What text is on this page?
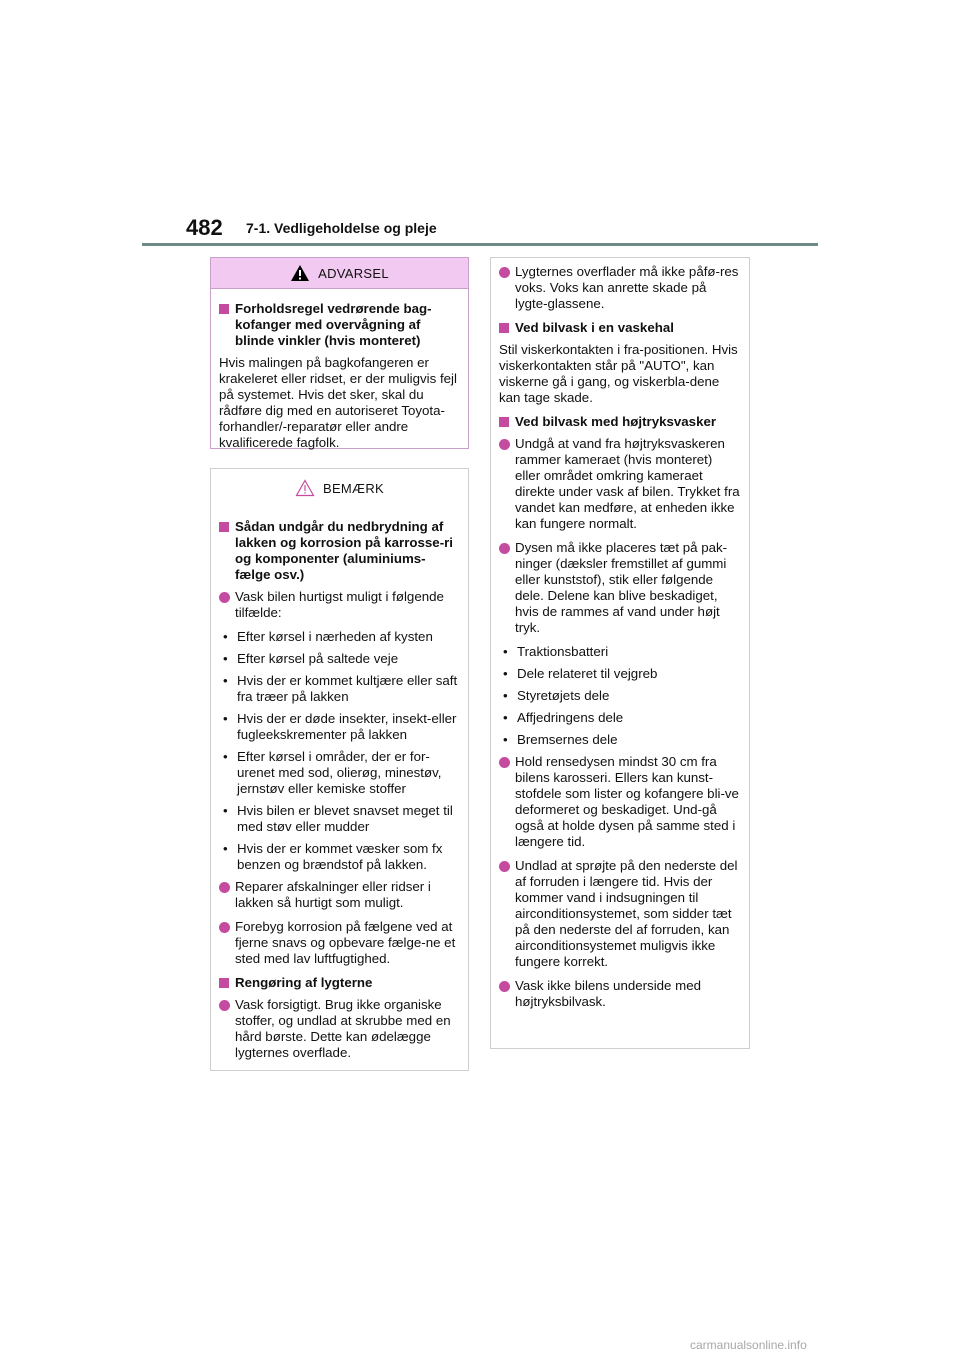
482 7-1. Vedligeholdelse og pleje
ADVARSEL
Forholdsregel vedrørende bag-kofanger med overvågning af blinde vinkler (hvis monteret)
Hvis malingen på bagkofangeren er krakeleret eller ridset, er der muligvis fejl på systemet. Hvis det sker, skal du rådføre dig med en autoriseret Toyota-forhandler/-reparatør eller andre kvalificerede fagfolk.
BEMÆRK
Sådan undgår du nedbrydning af lakken og korrosion på karrosse-ri og komponenter (aluminiums-fælge osv.)
Vask bilen hurtigst muligt i følgende tilfælde:
• Efter kørsel i nærheden af kysten
• Efter kørsel på saltede veje
• Hvis der er kommet kultjære eller saft fra træer på lakken
• Hvis der er døde insekter, insekt-eller fugleekskrementer på lakken
• Efter kørsel i områder, der er for-urenet med sod, olierøg, minestøv, jernstøv eller kemiske stoffer
• Hvis bilen er blevet snavset meget til med støv eller mudder
• Hvis der er kommet væsker som fx benzen og brændstof på lakken.
Reparer afskalninger eller ridser i lakken så hurtigt som muligt.
Forebyg korrosion på fælgene ved at fjerne snavs og opbevare fælge-ne et sted med lav luftfugtighed.
Rengøring af lygterne
Vask forsigtigt. Brug ikke organiske stoffer, og undlad at skrubbe med en hård børste. Dette kan ødelægge lygternes overflade.
Lygternes overflader må ikke påfø-res voks. Voks kan anrette skade på lygte-glassene.
Ved bilvask i en vaskehal
Stil viskerkontakten i fra-positionen. Hvis viskerkontakten står på "AUTO", kan viskerne gå i gang, og viskerbla-dene kan tage skade.
Ved bilvask med højtryksvasker
Undgå at vand fra højtryksvaskeren rammer kameraet (hvis monteret) eller området omkring kameraet direkte under vask af bilen. Trykket fra vandet kan medføre, at enheden ikke kan fungere normalt.
Dysen må ikke placeres tæt på pak-ninger (dæksler fremstillet af gummi eller kunststof), stik eller følgende dele. Delene kan blive beskadiget, hvis de rammes af vand under højt tryk.
• Traktionsbatteri
• Dele relateret til vejgreb
• Styretøjets dele
• Affjedringens dele
• Bremsernes dele
Hold rensedysen mindst 30 cm fra bilens karosseri. Ellers kan kunst-stofdele som lister og kofangere bli-ve deformeret og beskadiget. Und-gå også at holde dysen på samme sted i længere tid.
Undlad at sprøjte på den nederste del af forruden i længere tid. Hvis der kommer vand i indsugningen til airconditionsystemet, som sidder tæt på den nederste del af forruden, kan airconditionsystemet muligvis ikke fungere korrekt.
Vask ikke bilens underside med højtryksbilvask.
carmanualsonline.info
